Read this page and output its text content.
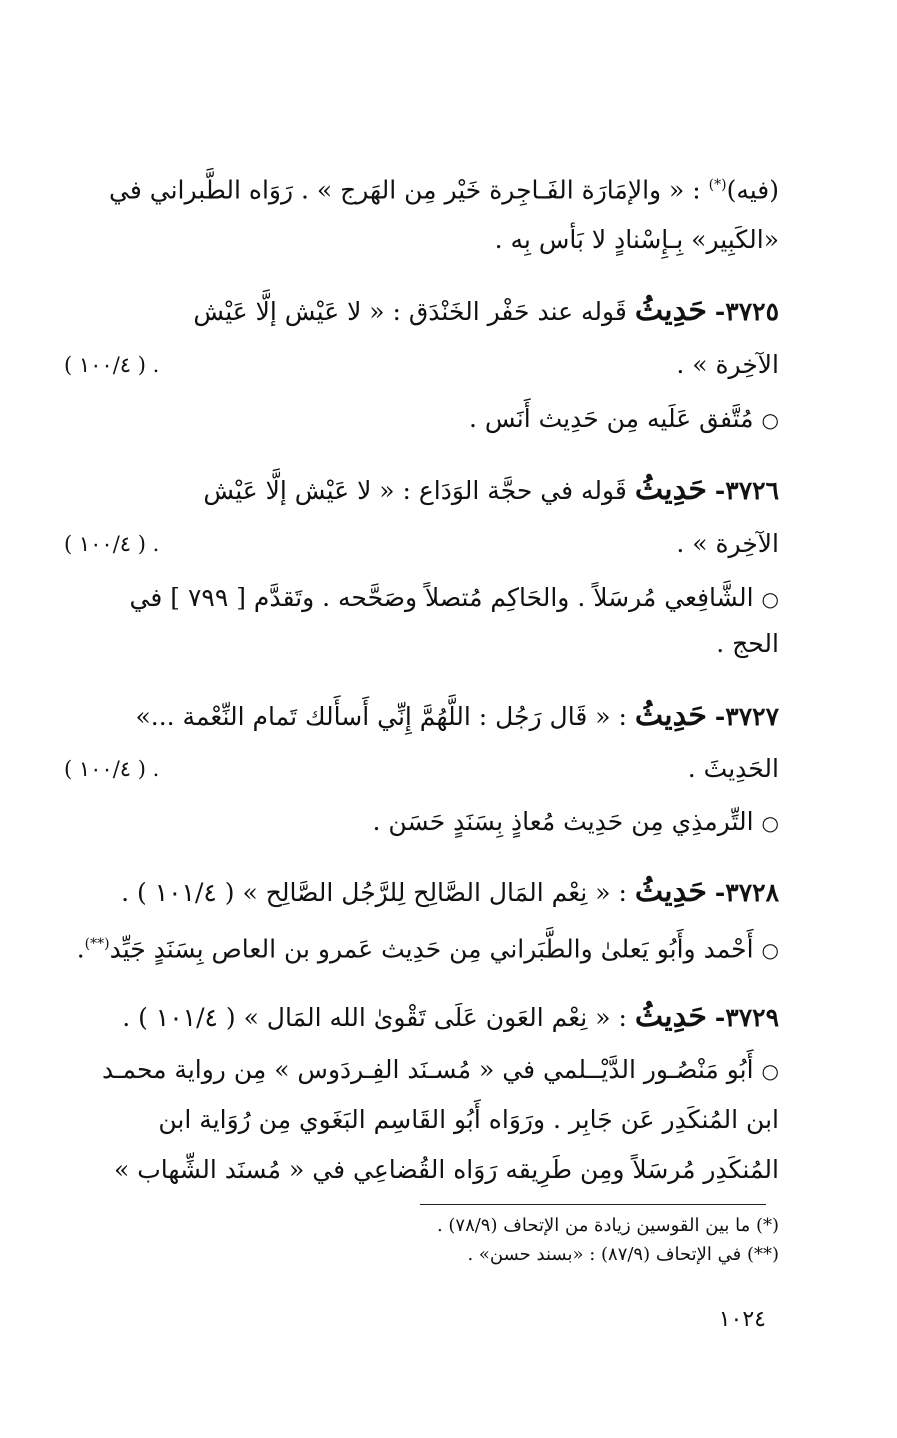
(فيه)(*) : « والإمَارَة الفَـاجِرة خَيْر مِن الهَرج » . رَوَاه الطَّبراني في
«الكَبِير» بِـإِسْنادٍ لا بَأس بِه .
٣٧٢٥- حَدِيثُ قَوله عند حَفْر الخَنْدَق : « لا عَيْش إلَّا عَيْش
الآخِرة » .
. ( ١٠٠/٤ )
○مُتَّفق عَلَيه مِن حَدِيث أَنَس .
٣٧٢٦- حَدِيثُ قَوله في حجَّة الوَدَاع : « لا عَيْش إلَّا عَيْش
الآخِرة » .
. ( ١٠٠/٤ )
○الشَّافِعي مُرسَلاً . والحَاكِم مُتصلاً وصَحَّحه . وتَقدَّم [ ٧٩٩ ] في
الحج .
٣٧٢٧- حَدِيثُ : « قَال رَجُل : اللَّهُمَّ إِنِّي أَسأَلك تَمام النِّعْمة ...»
الحَدِيثَ .
. ( ١٠٠/٤ )
○التِّرمذِي مِن حَدِيث مُعاذٍ بِسَنَدٍ حَسَن .
٣٧٢٨- حَدِيثُ : « نِعْم المَال الصَّالِح لِلرَّجُل الصَّالِح » ( ١٠١/٤ ) .
○أَحْمد وأَبُو يَعلىٰ والطَّبَراني مِن حَدِيث عَمرو بن العاص بِسَنَدٍ جَيِّد(**).
٣٧٢٩- حَدِيثُ : « نِعْم العَون عَلَى تَقْوىٰ الله المَال » ( ١٠١/٤ ) .
○أَبُو مَنْصُـور الدَّيْــلمي في « مُسـنَد الفِـردَوس » مِن رواية محمـد
ابن المُنكَدِر عَن جَابِر . ورَوَاه أَبُو القَاسِم البَغَوي مِن رُوَاية ابن
المُنكَدِر مُرسَلاً ومِن طَرِيقه رَوَاه القُضاعِي في « مُسنَد الشِّهاب »
(*) ما بين القوسين زيادة من الإتحاف (٧٨/٩) .
(**) في الإتحاف (٨٧/٩) : «بسند حسن» .
١٠٢٤
